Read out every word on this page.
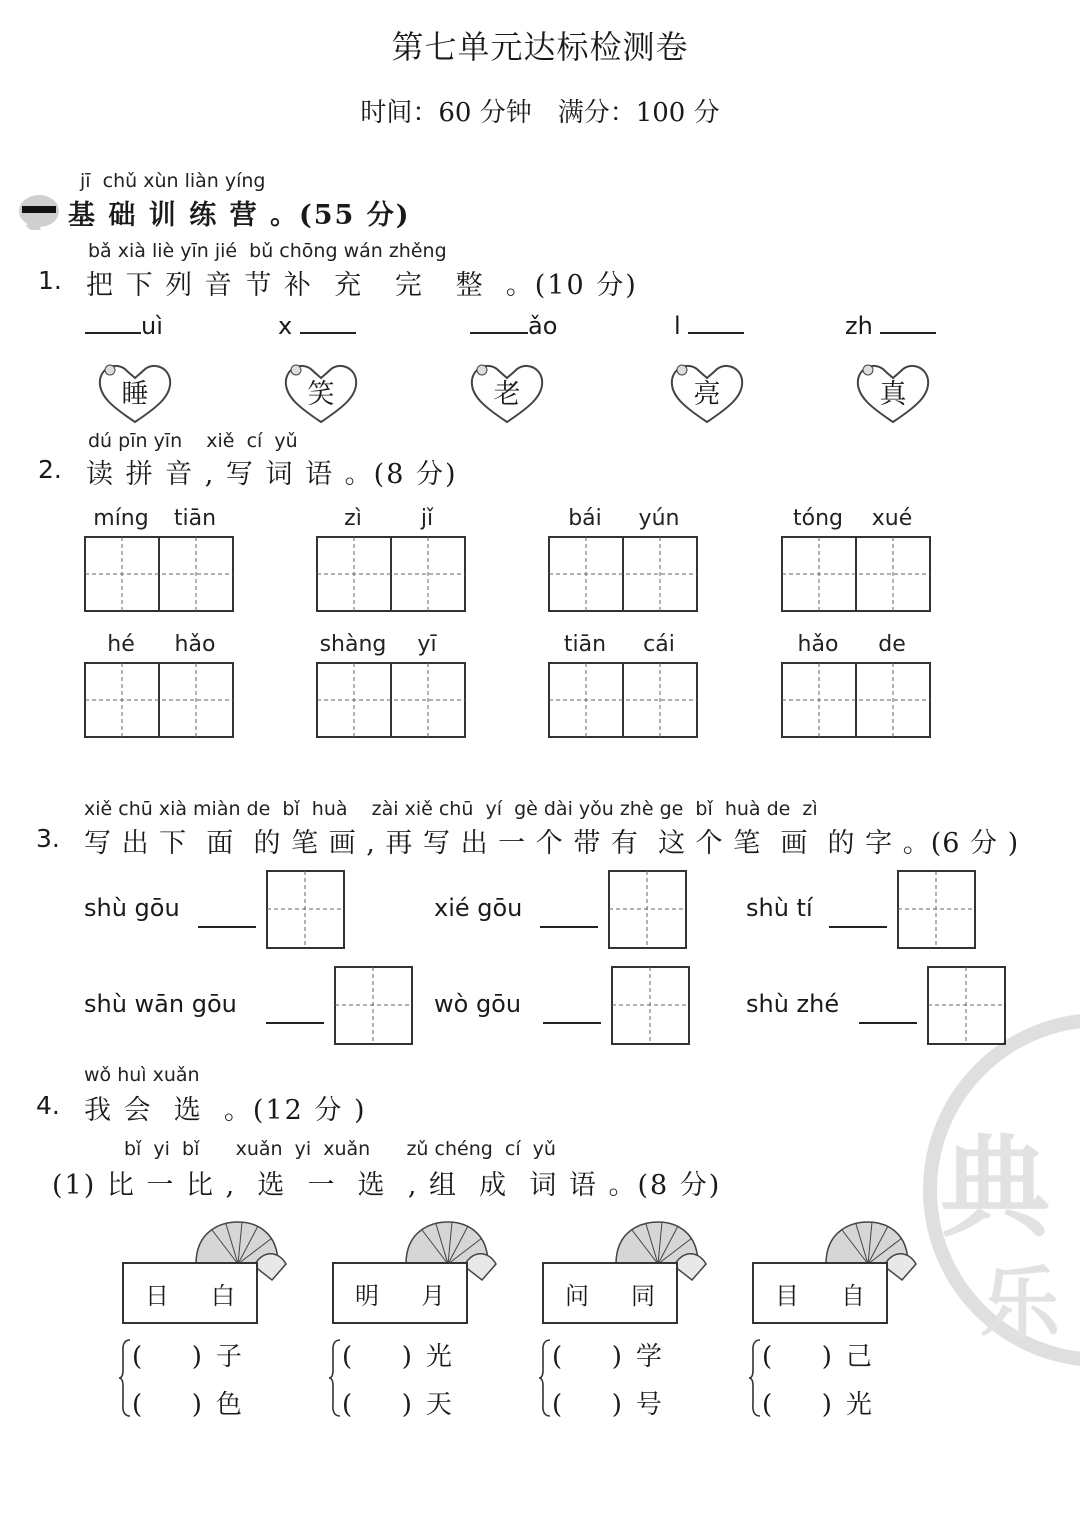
第七单元达标检测卷
时间：60 分钟　满分：100 分
jī  chǔ xùn liàn yíng
基 础 训 练 营 。(55 分)
bǎ xià liè yīn jié  bǔ chōng wán zhěng
1. 把 下 列 音 节 补  充   完   整  。(10 分)
uì	x	ǎo	l	zh
睡	笑	老	亮	真
dú pīn yīn    xiě  cí  yǔ
2. 读 拼 音 , 写 词 语 。(8 分)
míng	tiān	zì	jǐ	bái	yún	tóng	xué
hé	hǎo	shàng	yī	tiān	cái	hǎo	de
xiě chū xià miàn de  bǐ  huà    zài xiě chū  yí  gè dài yǒu zhè ge  bǐ  huà de  zì
3. 写 出 下  面  的 笔 画 , 再 写 出 一 个 带 有  这 个 笔  画  的 字 。(6 分 )
shù gōu	xié gōu	shù tí
shù wān gōu	wò gōu	shù zhé
wǒ huì xuǎn
4. 我 会  选  。(12 分 )
bǐ  yi  bǐ      xuǎn  yi  xuǎn      zǔ chéng  cí  yǔ
(1) 比 一 比 ,  选  一  选  , 组  成  词 语 。(8 分)
日 白
(      ) 子
(      ) 色
明 月
(      ) 光
(      ) 天
问 同
(      ) 学
(      ) 号
目 自
(      ) 己
(      ) 光
典
乐
